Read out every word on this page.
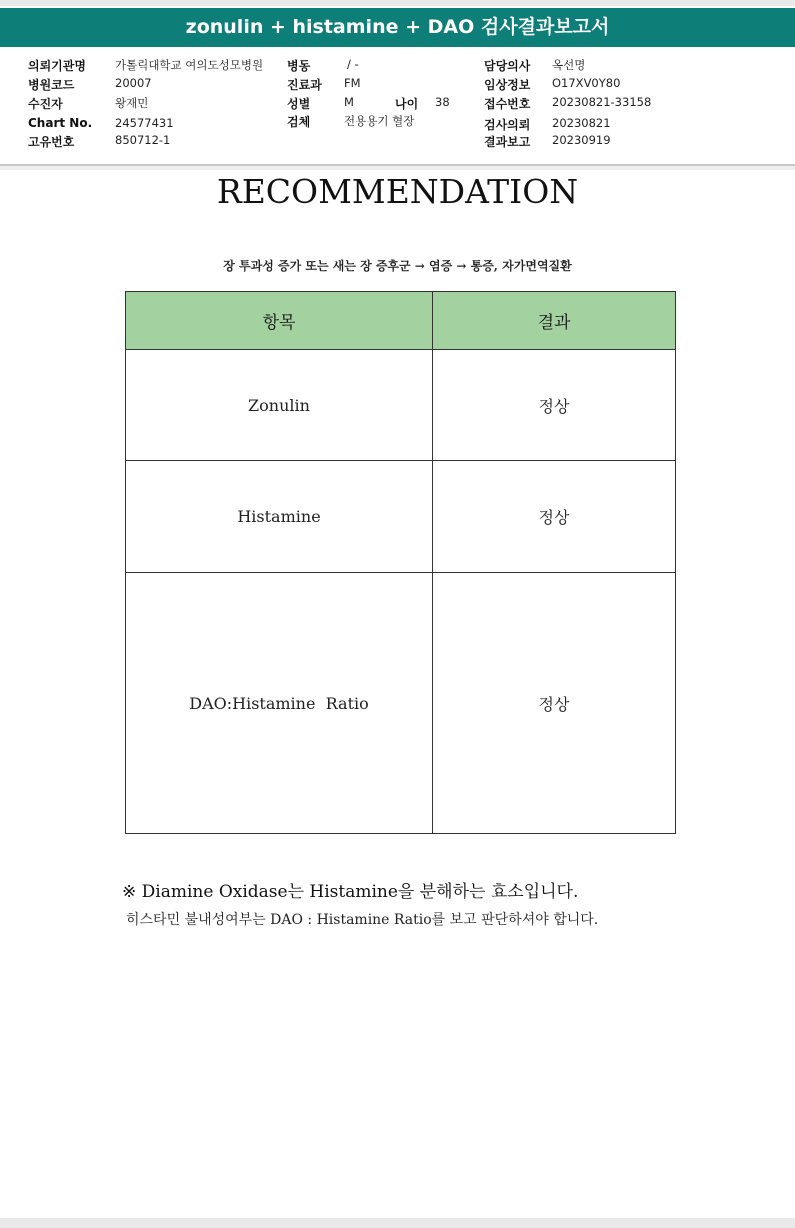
zonulin + histamine + DAO 검사결과보고서
의뢰기관명	가톨릭대학교 여의도성모병원
병원코드	20007
수진자	왕재민
Chart No. 24577431
고유번호	850712-1
병동	/ -
진료과 FM
성별	M	나이 38
검체	전용용기 혈장
담당의사 옥선명
임상정보 O17XV0Y80
접수번호 20230821-33158
검사의뢰 20230821
결과보고 20230919
RECOMMENDATION
장 투과성 증가 또는 새는 장 증후군 → 염증 → 통증, 자가면역질환
항목	결과
Zonulin	정상
Histamine	정상
DAO:Histamine  Ratio	정상
※ Diamine Oxidase는 Histamine을 분해하는 효소입니다.
히스타민 불내성여부는 DAO : Histamine Ratio를 보고 판단하셔야 합니다.
